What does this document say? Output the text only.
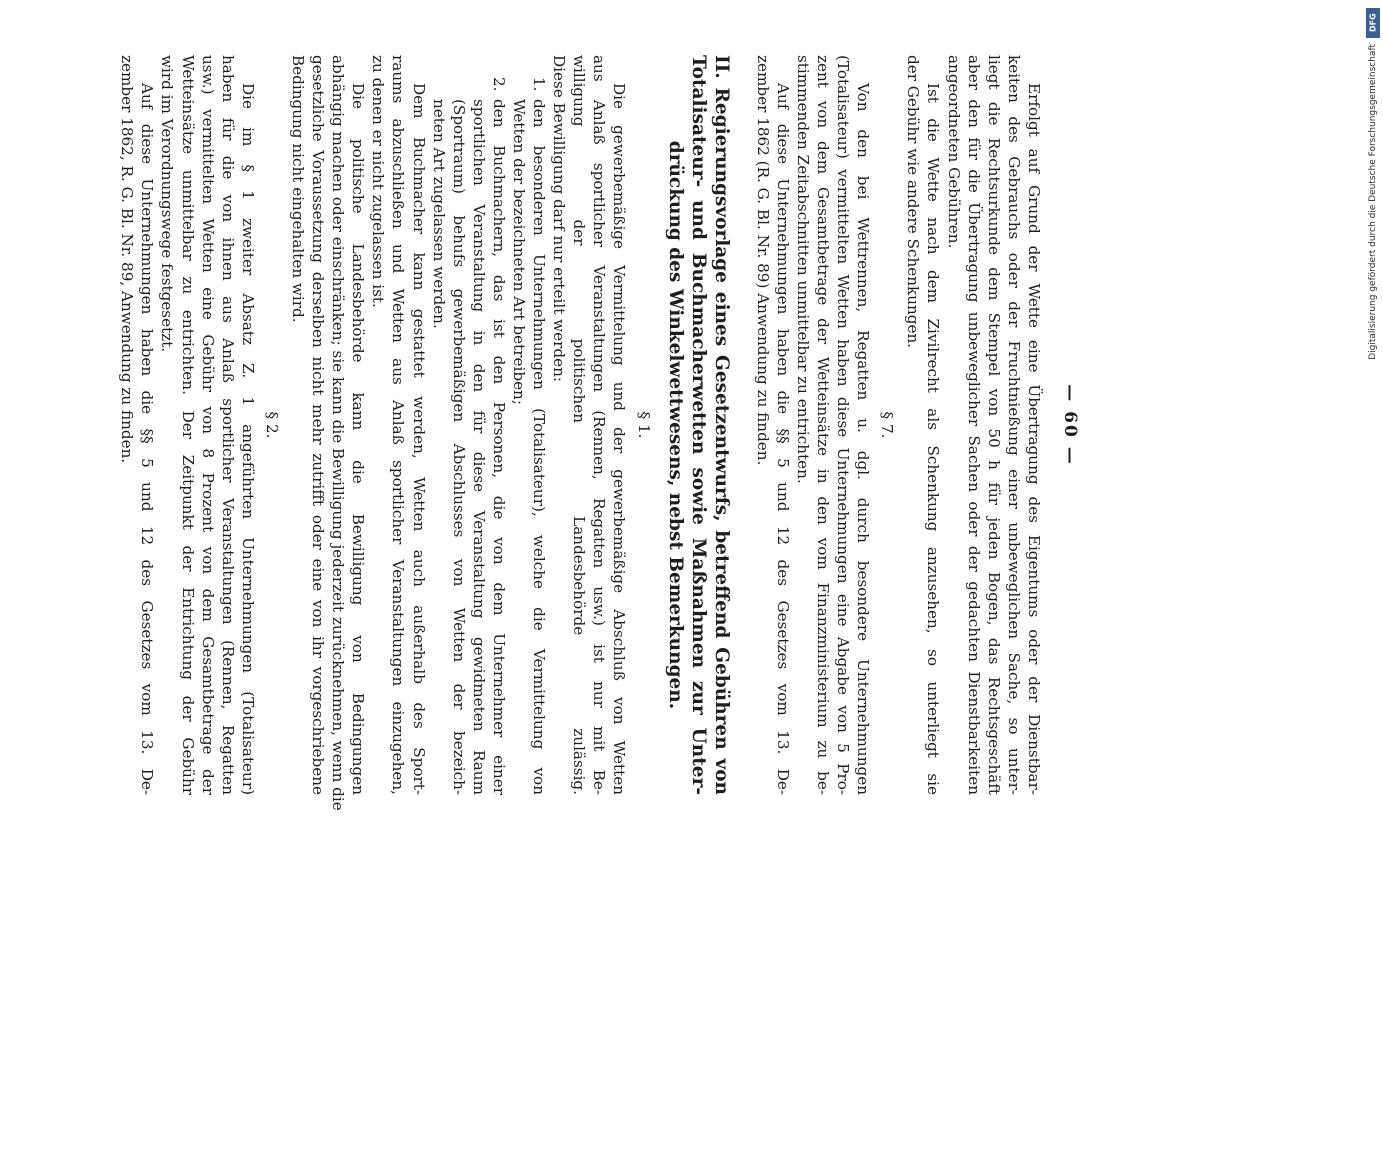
— 60 —
Erfolgt auf Grund der Wette eine Übertragung des Eigentums oder der Dienstbar-
keiten des Gebrauchs oder der Fruchtnießung einer unbeweglichen Sache, so unter-
liegt die Rechtsurkunde dem Stempel von 50 h für jeden Bogen, das Rechtsgeschäft
aber den für die Übertragung unbeweglicher Sachen oder der gedachten Dienstbarkeiten
angeordneten Gebühren.
Ist die Wette nach dem Zivilrecht als Schenkung anzusehen, so unterliegt sie
der Gebühr wie andere Schenkungen.
§ 7.
Von den bei Wettrennen, Regatten u. dgl. durch besondere Unternehmungen
(Totalisateur) vermittelten Wetten haben diese Unternehmungen eine Abgabe von 5 Pro-
zent von dem Gesamtbetrage der Wetteinsätze in den vom Finanzministerium zu be-
stimmenden Zeitabschnitten unmittelbar zu entrichten.
Auf diese Unternehmungen haben die §§ 5 und 12 des Gesetzes vom 13. De-
zember 1862 (R. G. Bl. Nr. 89) Anwendung zu finden.
II. Regierungsvorlage eines Gesetzentwurfs, betreffend Gebühren von
Totalisateur- und Buchmacherwetten sowie Maßnahmen zur Unter-
drückung des Winkelwettwesens, nebst Bemerkungen.
§ 1.
Die gewerbemäßige Vermittelung und der gewerbemäßige Abschluß von Wetten
aus Anlaß sportlicher Veranstaltungen (Rennen, Regatten usw.) ist nur mit Be-
willigung der politischen Landesbehörde zulässig.
Diese Bewilligung darf nur erteilt werden:
1.den besonderen Unternehmungen (Totalisateur), welche die Vermittelung von
Wetten der bezeichneten Art betreiben;
2.den Buchmachern, das ist den Personen, die von dem Unternehmer einer
sportlichen Veranstaltung in den für diese Veranstaltung gewidmeten Raum
(Sportraum) behufs gewerbemäßigen Abschlusses von Wetten der bezeich-
neten Art zugelassen werden.
Dem Buchmacher kann gestattet werden, Wetten auch außerhalb des Sport-
raums abzuschließen und Wetten aus Anlaß sportlicher Veranstaltungen einzugehen,
zu denen er nicht zugelassen ist.
Die politische Landesbehörde kann die Bewilligung von Bedingungen
abhängig machen oder einschränken; sie kann die Bewilligung jederzeit zurücknehmen, wenn die
gesetzliche Voraussetzung derselben nicht mehr zutrifft oder eine von ihr vorgeschriebene
Bedingung nicht eingehalten wird.
§ 2.
Die im § 1 zweiter Absatz Z. 1 angeführten Unternehmungen (Totalisateur)
haben für die von ihnen aus Anlaß sportlicher Veranstaltungen (Rennen, Regatten
usw.) vermittelten Wetten eine Gebühr von 8 Prozent von dem Gesamtbetrage der
Wetteinsätze unmittelbar zu entrichten. Der Zeitpunkt der Entrichtung der Gebühr
wird im Verordnungswege festgesetzt.
Auf diese Unternehmungen haben die §§ 5 und 12 des Gesetzes vom 13. De-
zember 1862, R. G. Bl. Nr. 89, Anwendung zu finden.
DFG
Digitalisierung gefördert durch die Deutsche Forschungsgemeinschaft
